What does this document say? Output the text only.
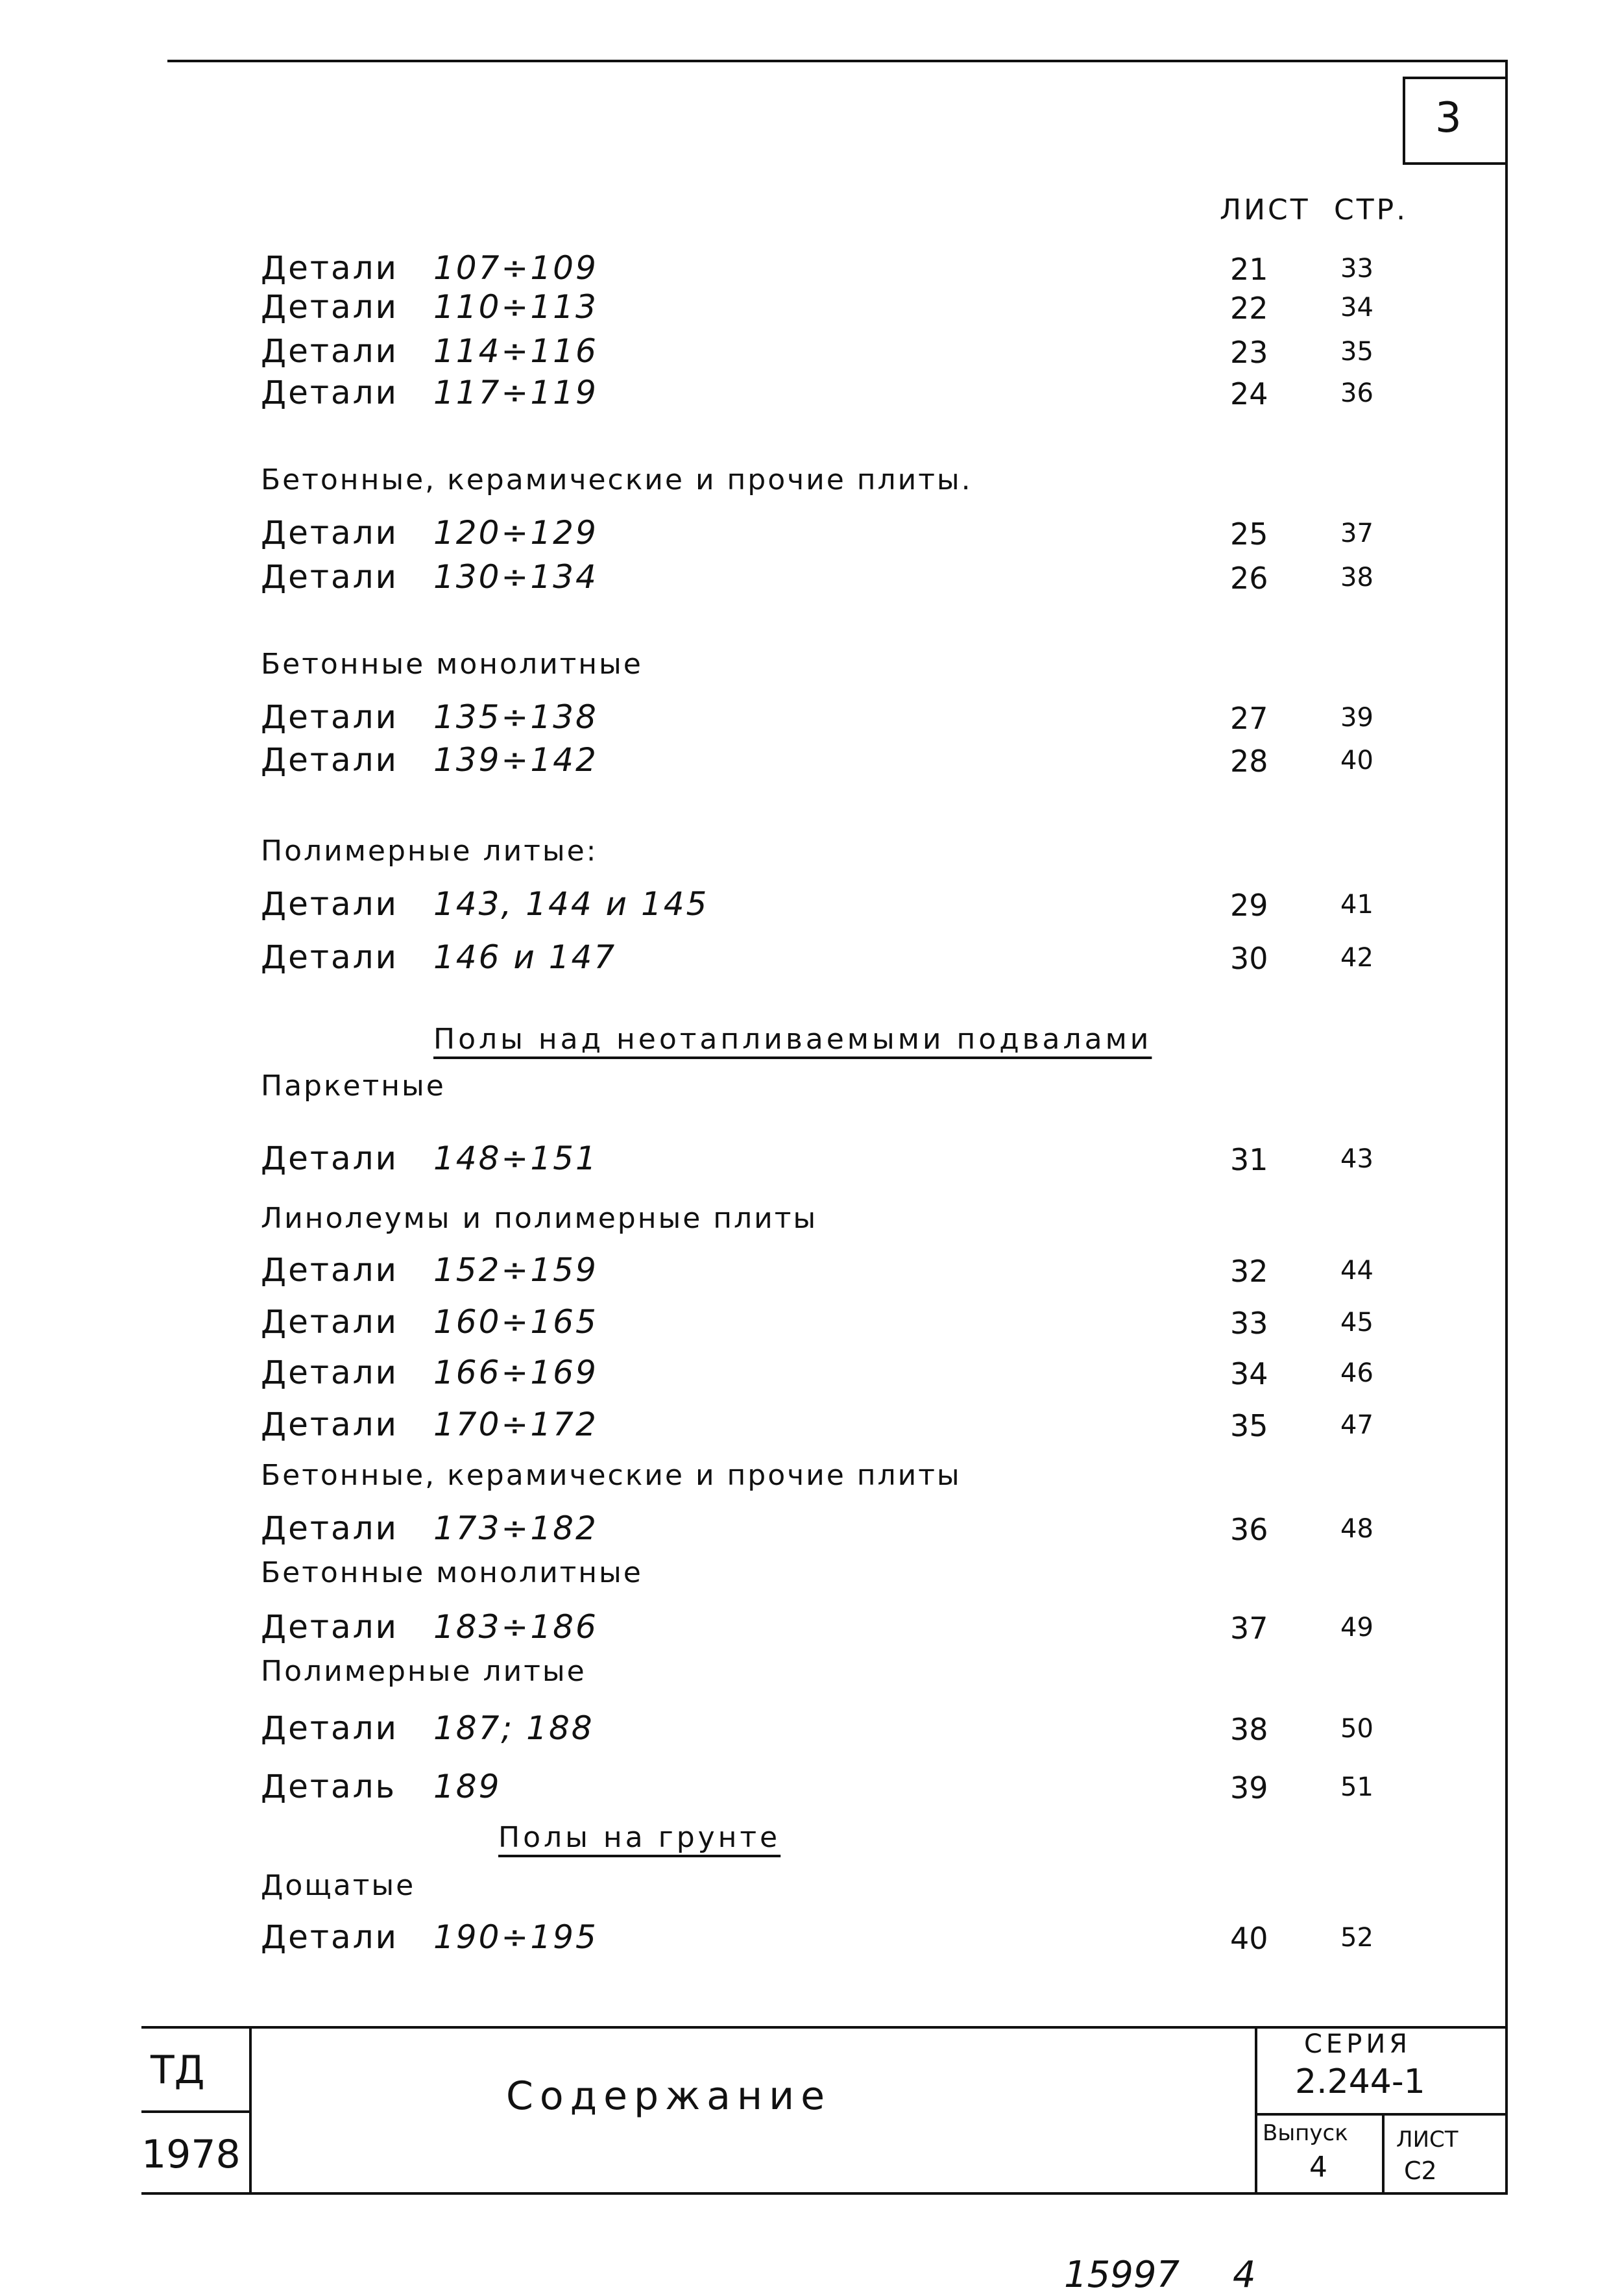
3
ЛИСТ СТР.
Детали 107÷109	21	33
Детали 110÷113	22	34
Детали 114÷116	23	35
Детали 117÷119	24	36
Бетонные, керамические и прочие плиты.
Детали 120÷129	25	37
Детали 130÷134	26	38
Бетонные монолитные
Детали 135÷138	27	39
Детали 139÷142	28	40
Полимерные литые:
Детали 143, 144 и 145	29	41
Детали 146 и 147	30	42
Полы над неотапливаемыми подвалами
Паркетные
Детали 148÷151	31	43
Линолеумы и полимерные плиты
Детали 152÷159	32	44
Детали 160÷165	33	45
Детали 166÷169	34	46
Детали 170÷172	35	47
Бетонные, керамические и прочие плиты
Детали 173÷182	36	48
Бетонные монолитные
Детали 183÷186	37	49
Полимерные литые
Детали 187; 188	38	50
Деталь 189	39	51
Полы на грунте
Дощатые
Детали 190÷195	40	52
ТД
1978
Содержание
СЕРИЯ
2.244-1
Выпуск
4
ЛИСТ
С2
15997 4
